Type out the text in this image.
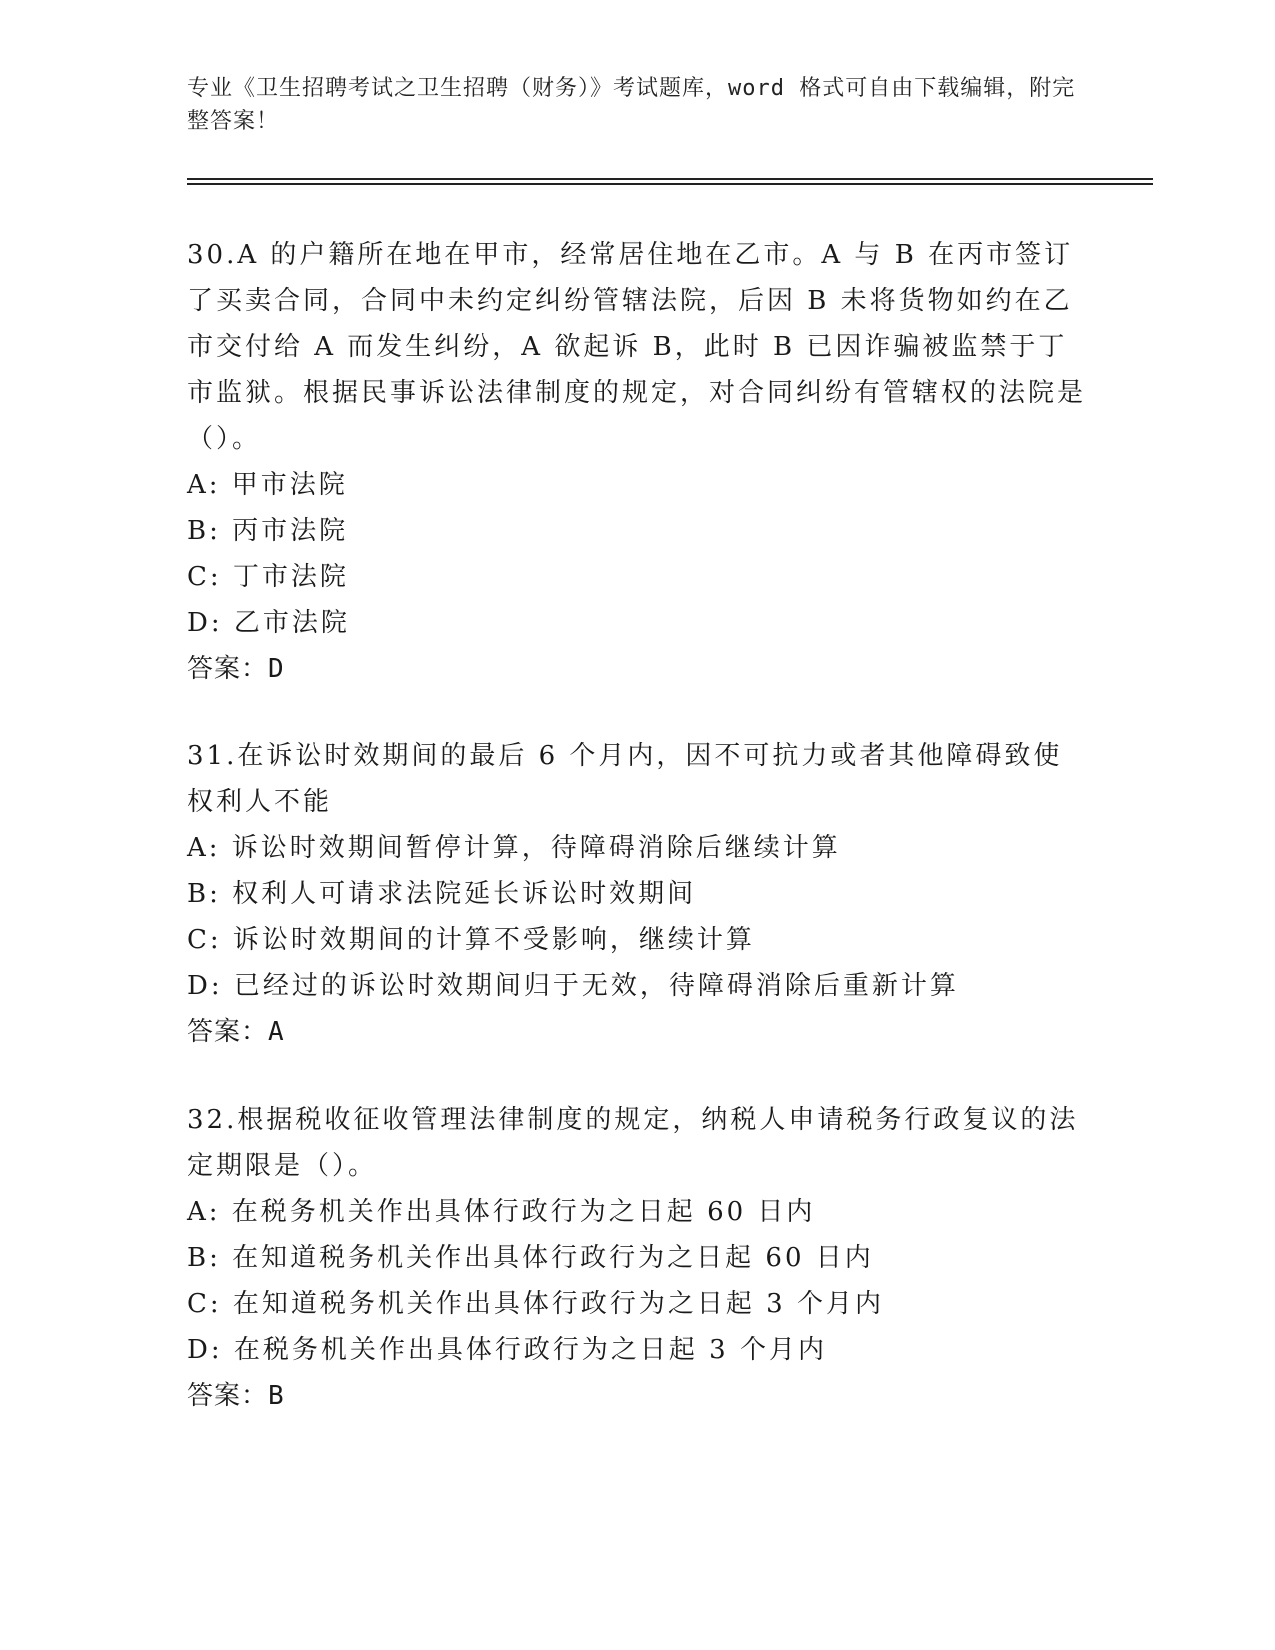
专业《卫生招聘考试之卫生招聘（财务）》考试题库，word 格式可自由下载编辑，附完整答案！
30.A 的户籍所在地在甲市，经常居住地在乙市。A 与 B 在丙市签订了买卖合同，合同中未约定纠纷管辖法院，后因 B 未将货物如约在乙市交付给 A 而发生纠纷，A 欲起诉 B，此时 B 已因诈骗被监禁于丁市监狱。根据民事诉讼法律制度的规定，对合同纠纷有管辖权的法院是（）。
A: 甲市法院
B: 丙市法院
C: 丁市法院
D: 乙市法院
答案：D
31.在诉讼时效期间的最后 6 个月内，因不可抗力或者其他障碍致使权利人不能
A: 诉讼时效期间暂停计算，待障碍消除后继续计算
B: 权利人可请求法院延长诉讼时效期间
C: 诉讼时效期间的计算不受影响，继续计算
D: 已经过的诉讼时效期间归于无效，待障碍消除后重新计算
答案：A
32.根据税收征收管理法律制度的规定，纳税人申请税务行政复议的法定期限是（）。
A: 在税务机关作出具体行政行为之日起 60 日内
B: 在知道税务机关作出具体行政行为之日起 60 日内
C: 在知道税务机关作出具体行政行为之日起 3 个月内
D: 在税务机关作出具体行政行为之日起 3 个月内
答案：B
